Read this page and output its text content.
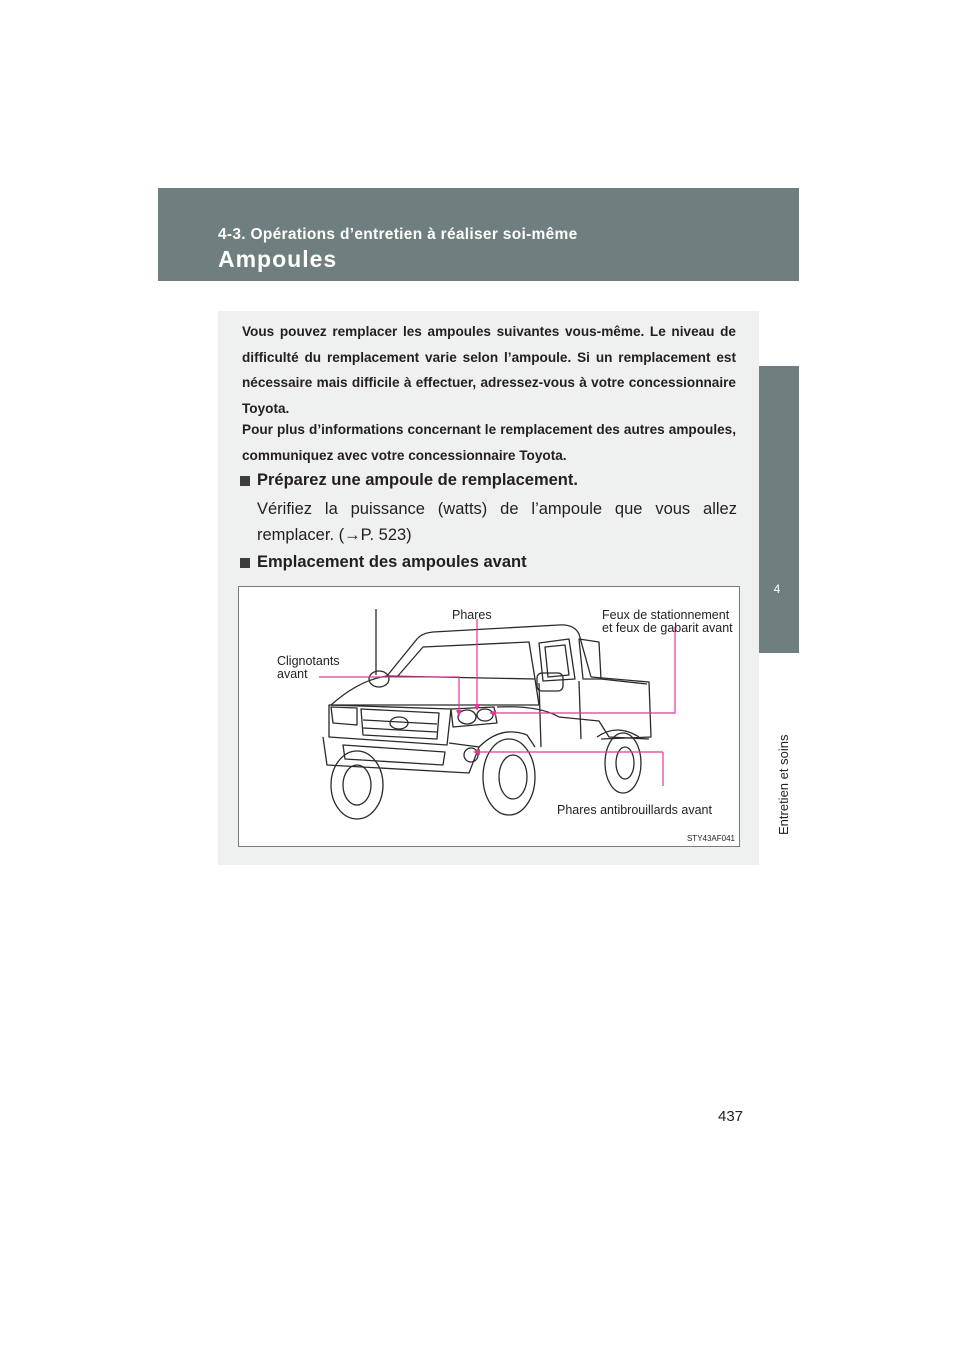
4-3. Opérations d’entretien à réaliser soi-même
Ampoules
4
Entretien et soins

Vous pouvez remplacer les ampoules suivantes vous-même. Le niveau de difficulté du remplacement varie selon l’ampoule. Si un remplacement est nécessaire mais difficile à effectuer, adressez-vous à votre concessionnaire Toyota.

Pour plus d’informations concernant le remplacement des autres ampoules, communiquez avec votre concessionnaire Toyota.

Préparez une ampoule de remplacement.

Vérifiez la puissance (watts) de l’ampoule que vous allez remplacer. (→P. 523)

Emplacement des ampoules avant
Phares	Feux de stationnement et feux de gabarit avant
Clignotants avant
Phares antibrouillards avant
STY43AF041
437
